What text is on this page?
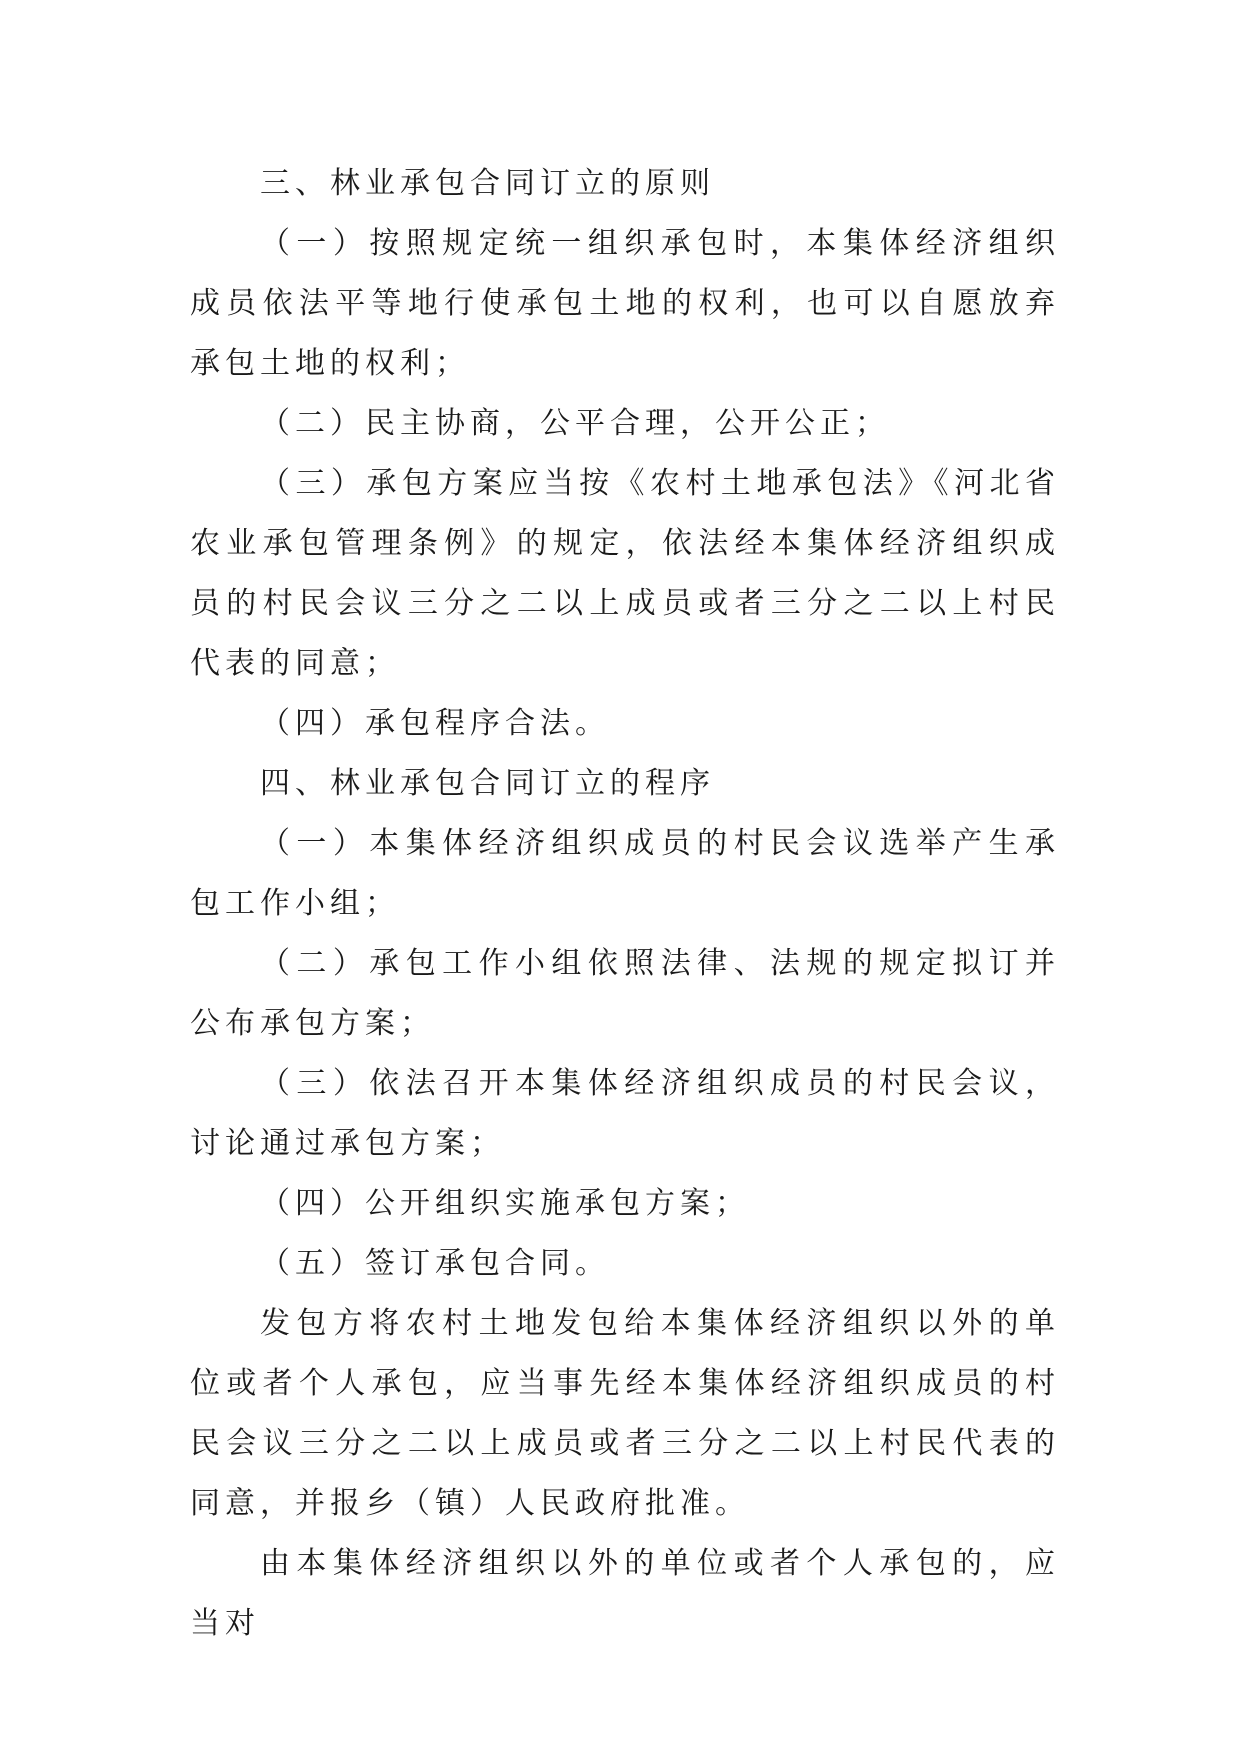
三、林业承包合同订立的原则

（一）按照规定统一组织承包时，本集体经济组织成员依法平等地行使承包土地的权利，也可以自愿放弃承包土地的权利；

（二）民主协商，公平合理，公开公正；

（三）承包方案应当按《农村土地承包法》《河北省农业承包管理条例》的规定，依法经本集体经济组织成员的村民会议三分之二以上成员或者三分之二以上村民代表的同意；

（四）承包程序合法。

四、林业承包合同订立的程序

（一）本集体经济组织成员的村民会议选举产生承包工作小组；

（二）承包工作小组依照法律、法规的规定拟订并公布承包方案；

（三）依法召开本集体经济组织成员的村民会议，讨论通过承包方案；

（四）公开组织实施承包方案；

（五）签订承包合同。

发包方将农村土地发包给本集体经济组织以外的单位或者个人承包，应当事先经本集体经济组织成员的村民会议三分之二以上成员或者三分之二以上村民代表的同意，并报乡（镇）人民政府批准。

由本集体经济组织以外的单位或者个人承包的，应当对
